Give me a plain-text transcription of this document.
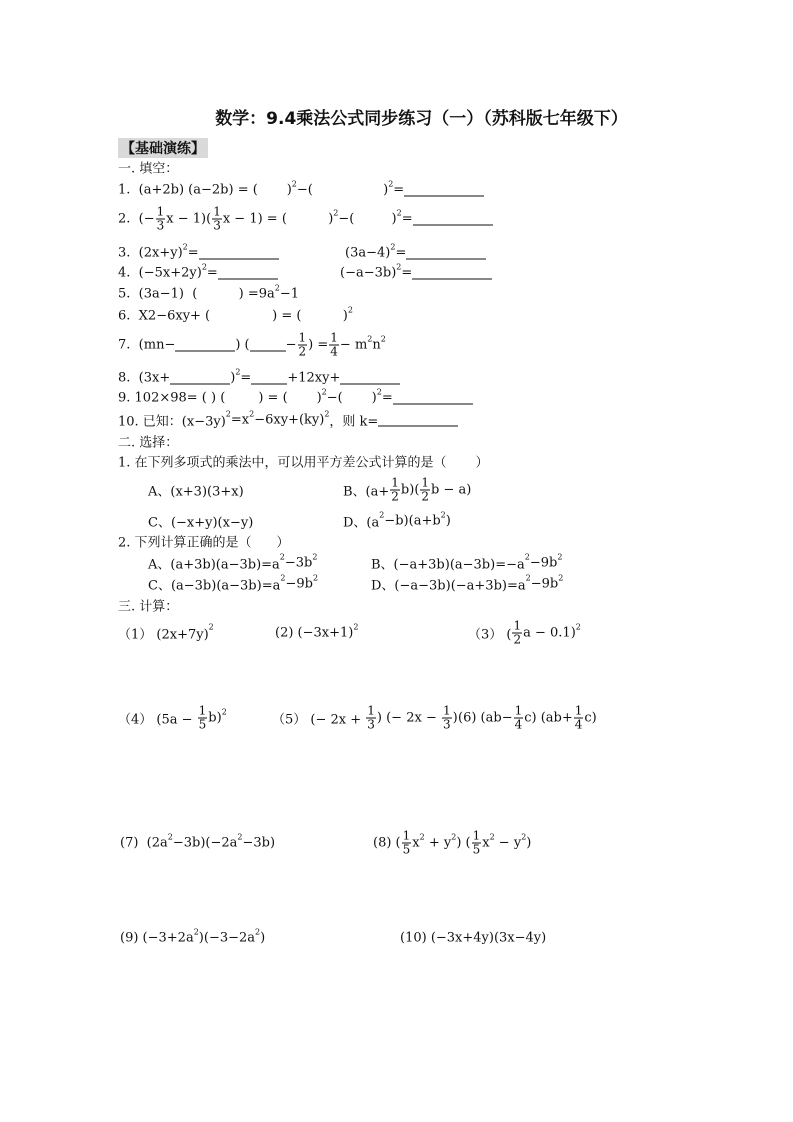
数学：9.4乘法公式同步练习（一）（苏科版七年级下）
【基础演练】
一. 填空：
1.  (a+2b) (a−2b) = (       ) 2 −(                 ) 2 =
2.  (− $\frac{1}{3}$ $x - 1)( \frac{1}{3}$ x − 1) = (          ) 2 −(         ) 2 =
3.  (2x+y) 2 =	(3a−4) 2 =
4.  (−5x+2y) 2 =	(−a−3b) 2 =
5.  (3a−1)  (          ) =9a 2 −1
6.  X2−6xy+ (               ) = (          ) 2
7.  (mn−	) (	− $\frac{1}{2}$ ) = $\frac{1}{4} - m$ 2 n 2
8.  (3x+	) 2 =	+12xy+
9. 102×98= ( ) (        ) = (       ) 2 −(       ) 2 =
10. 已知：(x−3y)
2 =x 2 −6xy+(ky) 2
，则 k=
二. 选择：
1. 在下列多项式的乘法中，可以用平方差公式计算的是（       ）
A、(x+3)(3+x)	B、$(a+ \frac{1}{2} b)( \frac{1}{2}$ b − a)
C、(−x+y)(x−y)	D、(a
2 −b)(a+b 2 )
2. 下列计算正确的是（      ）
A、(a+3b)(a−3b)=a
2 −3b 2
B、(−a+3b)(a−3b)=−a
2 −9b 2
C、(a−3b)(a−3b)=a
2 −9b 2
D、(−a−3b)(−a+3b)=a
2 −9b 2
三. 计算：
（1） (2x+7y)
2	(2) (−3x+1) 2
（3） ( $\frac{1}{2}$ a − 0.1) 2
（4） $(5a - \frac{1}{5} b)$ 2
（5） (− $2x + \frac{1}{3}$ ) (− $2x - \frac{1}{3}$ ) (6) $(ab- \frac{1}{4} c)$ $(ab+ \frac{1}{4} c)$
(7)  (2a 2 −3b)(−2a 2 −3b)	(8) ( $\frac{1}{5}$ x 2 + y 2 ) ( $\frac{1}{5}$ x 2 − y 2 )
(9) (−3+2a 2 )(−3−2a 2 )	(10) (−3x+4y)(3x−4y)
